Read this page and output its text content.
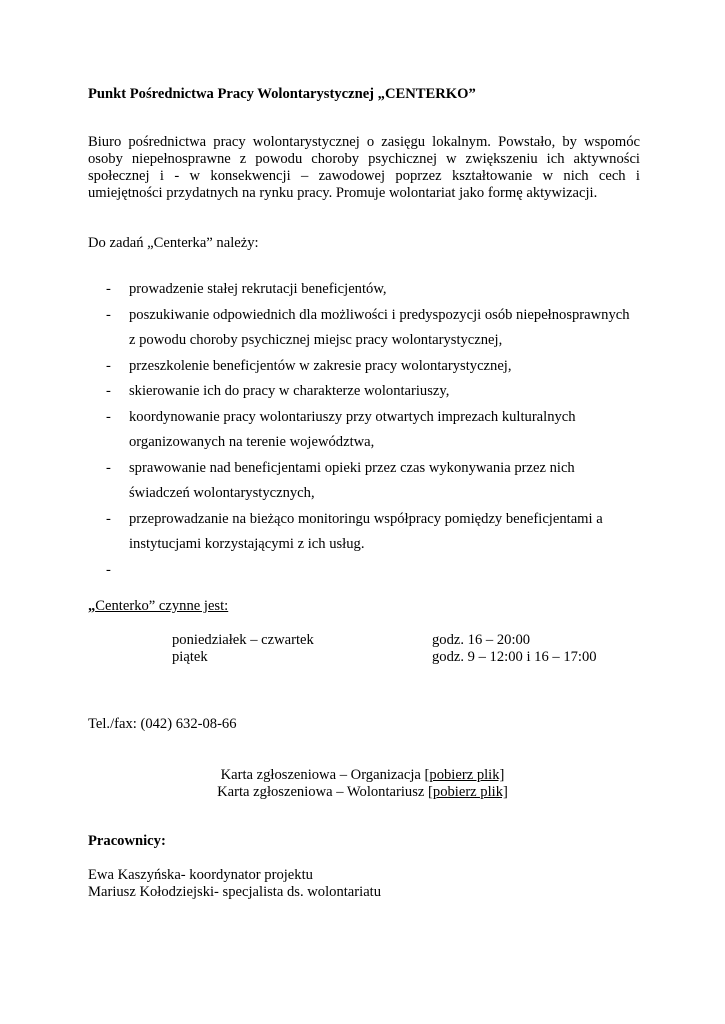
Punkt Pośrednictwa Pracy Wolontarystycznej „CENTERKO”
Biuro pośrednictwa pracy wolontarystycznej o zasięgu lokalnym. Powstało, by wspomóc
osoby niepełnosprawne z powodu choroby psychicznej w zwiększeniu ich aktywności
społecznej i - w konsekwencji – zawodowej poprzez kształtowanie w nich cech i
umiejętności przydatnych na rynku pracy. Promuje wolontariat jako formę aktywizacji.
Do zadań „Centerka” należy:
- prowadzenie stałej rekrutacji beneficjentów,
- poszukiwanie odpowiednich dla możliwości i predyspozycji osób niepełnosprawnych
z powodu choroby psychicznej miejsc pracy wolontarystycznej,
- przeszkolenie beneficjentów w zakresie pracy wolontarystycznej,
- skierowanie ich do pracy w charakterze wolontariuszy,
- koordynowanie pracy wolontariuszy przy otwartych imprezach kulturalnych
organizowanych na terenie województwa,
- sprawowanie nad beneficjentami opieki przez czas wykonywania przez nich
świadczeń wolontarystycznych,
- przeprowadzanie na bieżąco monitoringu współpracy pomiędzy beneficjentami a
instytucjami korzystającymi z ich usług.
-
„Centerko” czynne jest:
poniedziałek – czwartek	godz. 16 – 20:00
piątek	godz. 9 – 12:00 i 16 – 17:00
Tel./fax: (042) 632-08-66
Karta zgłoszeniowa – Organizacja [pobierz plik]
Karta zgłoszeniowa – Wolontariusz [pobierz plik]
Pracownicy:
Ewa Kaszyńska- koordynator projektu
Mariusz Kołodziejski- specjalista ds. wolontariatu
